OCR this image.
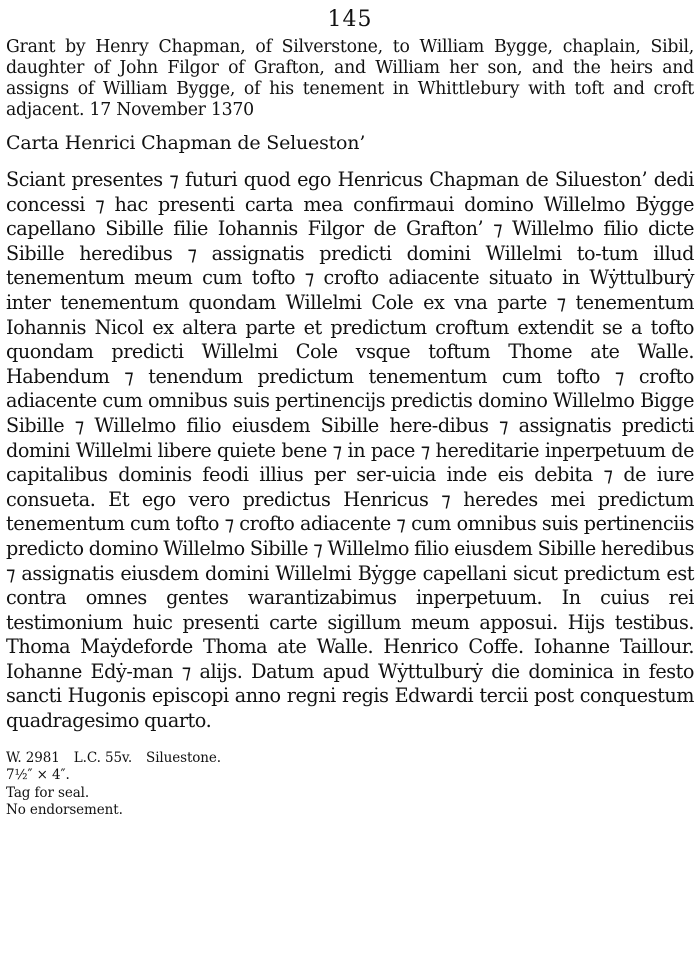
145

Grant by Henry Chapman, of Silverstone, to William Bygge, chaplain, Sibil, daughter of John Filgor of Grafton, and William her son, and the heirs and assigns of William Bygge, of his tenement in Whittlebury with toft and croft adjacent. 17 November 1370

Carta Henrici Chapman de Selueston’

Sciant presentes ⁊ futuri quod ego Henricus Chapman de Silueston’ dedi concessi ⁊ hac presenti carta mea confirmaui domino Willelmo Bẏgge capellano Sibille filie Iohannis Filgor de Grafton’ ⁊ Willelmo filio dicte Sibille heredibus ⁊ assignatis predicti domini Willelmi to-tum illud tenementum meum cum tofto ⁊ crofto adiacente situato in Wẏttulburẏ inter tenementum quondam Willelmi Cole ex vna parte ⁊ tenementum Iohannis Nicol ex altera parte et predictum croftum extendit se a tofto quondam predicti Willelmi Cole vsque toftum Thome ate Walle. Habendum ⁊ tenendum predictum tenementum cum tofto ⁊ crofto adiacente cum omnibus suis pertinencijs predictis domino Willelmo Bigge Sibille ⁊ Willelmo filio eiusdem Sibille here-dibus ⁊ assignatis predicti domini Willelmi libere quiete bene ⁊ in pace ⁊ hereditarie inperpetuum de capitalibus dominis feodi illius per ser-uicia inde eis debita ⁊ de iure consueta. Et ego vero predictus Henricus ⁊ heredes mei predictum tenementum cum tofto ⁊ crofto adiacente ⁊ cum omnibus suis pertinenciis predicto domino Willelmo Sibille ⁊ Willelmo filio eiusdem Sibille heredibus ⁊ assignatis eiusdem domini Willelmi Bẏgge capellani sicut predictum est contra omnes gentes warantizabimus inperpetuum. In cuius rei testimonium huic presenti carte sigillum meum apposui. Hijs testibus. Thoma Maẏdeforde Thoma ate Walle. Henrico Coffe. Iohanne Taillour. Iohanne Edẏ-man ⁊ alijs. Datum apud Wẏttulburẏ die dominica in festo sancti Hugonis episcopi anno regni regis Edwardi tercii post conquestum quadragesimo quarto.

W. 2981 L.C. 55v. Siluestone.
7½″ × 4″.
Tag for seal.
No endorsement.
